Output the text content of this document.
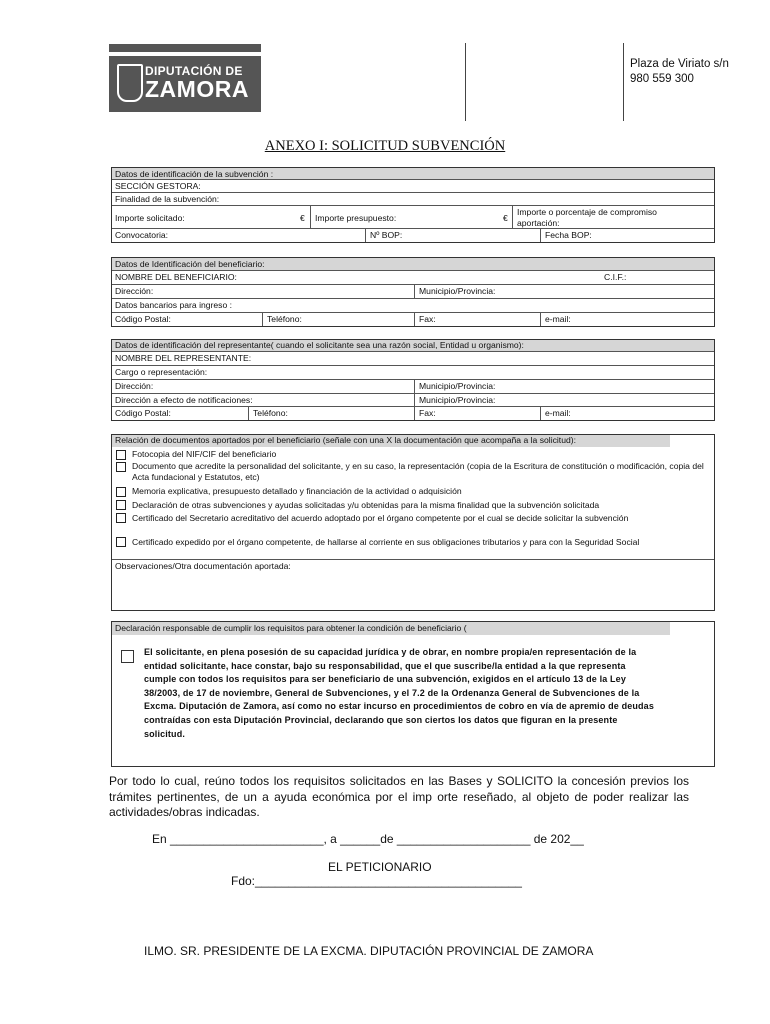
DIPUTACIÓN DE
ZAMORA
Plaza de Viriato s/n
980 559 300
ANEXO I: SOLICITUD SUBVENCIÓN
Datos de identificación de la subvención :
SECCIÓN GESTORA:
Finalidad de la subvención:
Importe solicitado:	€ Importe presupuesto:	€
Importe o porcentaje de compromiso aportación:
Convocatoria:	Nº BOP:	Fecha BOP:
Datos de Identificación del beneficiario:
NOMBRE DEL BENEFICIARIO:	C.I.F.:
Dirección:	Municipio/Provincia:
Datos bancarios para ingreso :
Código Postal:	Teléfono:	Fax:	e-mail:
Datos de identificación del representante( cuando el solicitante sea una razón social, Entidad u organismo):
NOMBRE DEL REPRESENTANTE:
Cargo o representación:
Dirección:	Municipio/Provincia:
Dirección a efecto de notificaciones:	Municipio/Provincia:
Código Postal:	Teléfono:	Fax:	e-mail:
Relación de documentos aportados por el beneficiario (señale con una X la documentación que acompaña a la solicitud):
Fotocopia del NIF/CIF del beneficiario
Documento que acredite la personalidad del solicitante, y en su caso, la representación (copia de la Escritura de constitución o modificación, copia del Acta fundacional y Estatutos, etc)
Memoria explicativa, presupuesto detallado y financiación de la actividad o adquisición
Declaración de otras subvenciones y ayudas solicitadas y/u obtenidas para la misma finalidad que la subvención solicitada
Certificado del Secretario acreditativo del acuerdo adoptado por el órgano competente por el cual se decide solicitar la subvención
Certificado expedido por el órgano competente, de hallarse al corriente en sus obligaciones tributarios y para con la Seguridad Social
Observaciones/Otra documentación aportada:
Declaración responsable de cumplir los requisitos para obtener la condición de beneficiario (
El solicitante, en plena posesión de su capacidad jurídica y de obrar, en nombre propia/en representación de la entidad solicitante, hace constar, bajo su responsabilidad, que el que suscribe/la entidad a la que representa cumple con todos los requisitos para ser beneficiario de una subvención, exigidos en el artículo 13 de la Ley 38/2003, de 17 de noviembre, General de Subvenciones, y el 7.2 de la Ordenanza General de Subvenciones de la Excma. Diputación de Zamora, así como no estar incurso en procedimientos de cobro en vía de apremio de deudas contraídas con esta Diputación Provincial, declarando que son ciertos los datos que figuran en la presente solicitud.
Por todo lo cual, reúno todos los requisitos solicitados en las Bases y SOLICITO la concesión previos los trámites pertinentes, de un a ayuda económica por el imp orte reseñado, al objeto de poder realizar las actividades/obras indicadas.
En _______________________, a ______de ____________________ de 202__
EL PETICIONARIO
Fdo:________________________________________
ILMO. SR. PRESIDENTE DE LA EXCMA. DIPUTACIÓN PROVINCIAL DE ZAMORA
